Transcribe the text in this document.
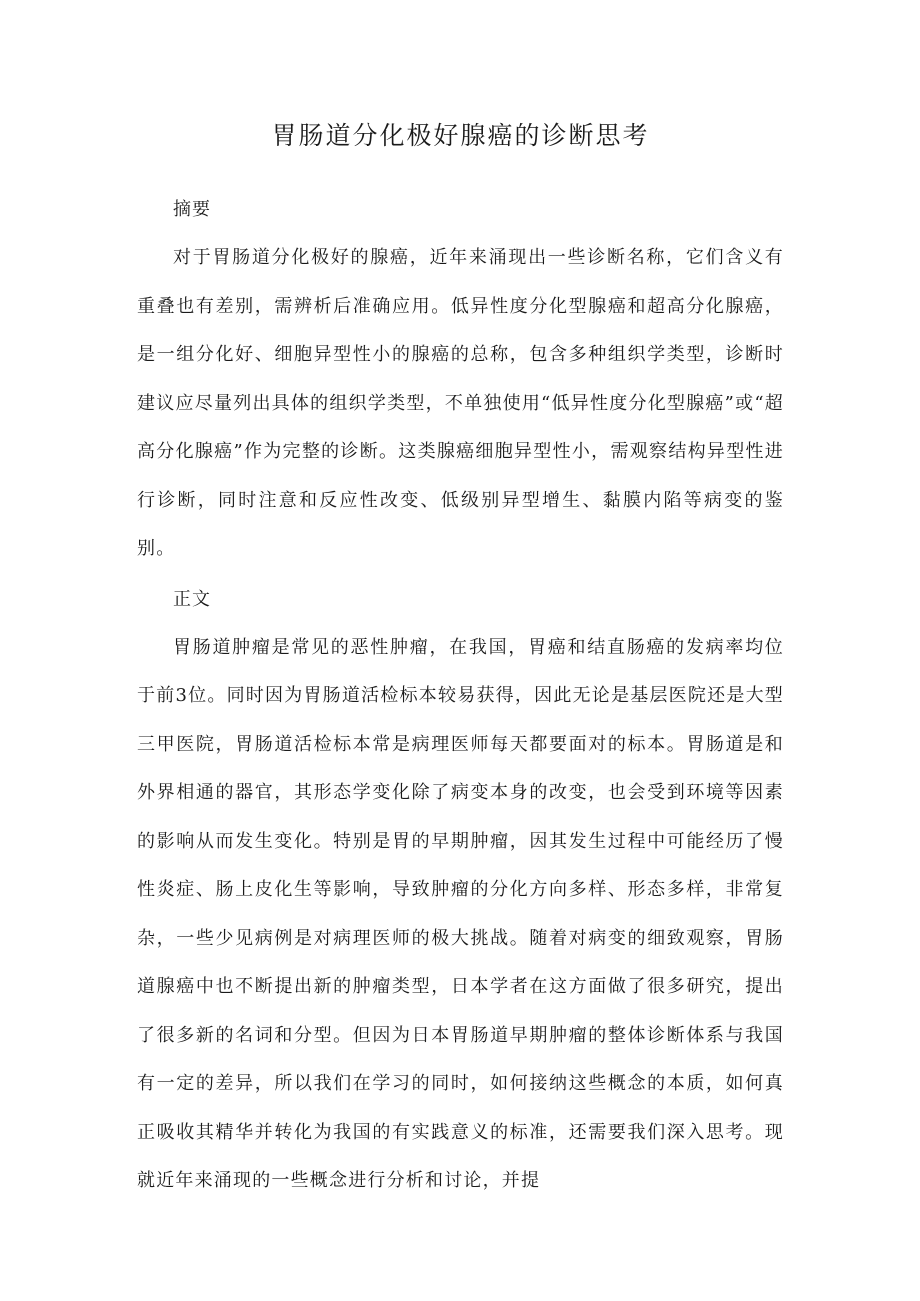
胃肠道分化极好腺癌的诊断思考

摘要

对于胃肠道分化极好的腺癌，近年来涌现出一些诊断名称，它们含义有重叠也有差别，需辨析后准确应用。低异性度分化型腺癌和超高分化腺癌，是一组分化好、细胞异型性小的腺癌的总称，包含多种组织学类型，诊断时建议应尽量列出具体的组织学类型，不单独使用“低异性度分化型腺癌”或“超高分化腺癌”作为完整的诊断。这类腺癌细胞异型性小，需观察结构异型性进行诊断，同时注意和反应性改变、低级别异型增生、黏膜内陷等病变的鉴别。

正文

胃肠道肿瘤是常见的恶性肿瘤，在我国，胃癌和结直肠癌的发病率均位于前3位。同时因为胃肠道活检标本较易获得，因此无论是基层医院还是大型三甲医院，胃肠道活检标本常是病理医师每天都要面对的标本。胃肠道是和外界相通的器官，其形态学变化除了病变本身的改变，也会受到环境等因素的影响从而发生变化。特别是胃的早期肿瘤，因其发生过程中可能经历了慢性炎症、肠上皮化生等影响，导致肿瘤的分化方向多样、形态多样，非常复杂，一些少见病例是对病理医师的极大挑战。随着对病变的细致观察，胃肠道腺癌中也不断提出新的肿瘤类型，日本学者在这方面做了很多研究，提出了很多新的名词和分型。但因为日本胃肠道早期肿瘤的整体诊断体系与我国有一定的差异，所以我们在学习的同时，如何接纳这些概念的本质，如何真正吸收其精华并转化为我国的有实践意义的标准，还需要我们深入思考。现就近年来涌现的一些概念进行分析和讨论，并提
